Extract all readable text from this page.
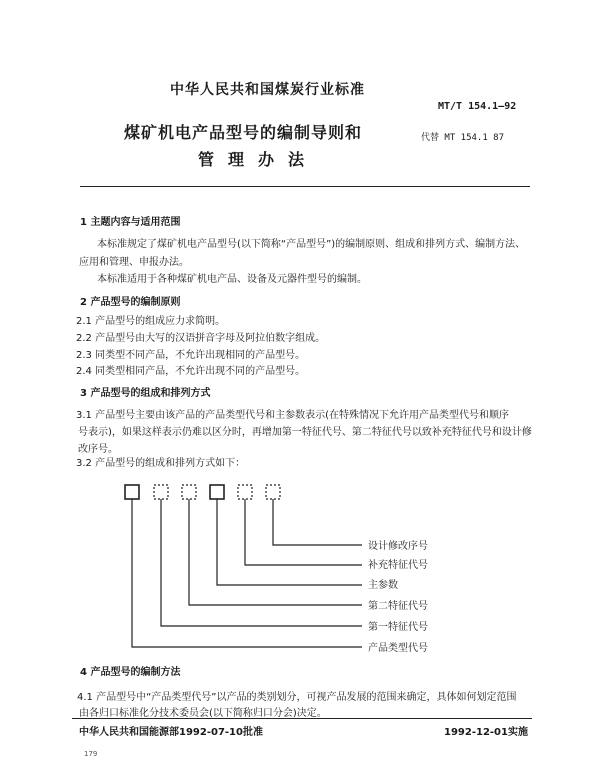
中华人民共和国煤炭行业标准
MT/T 154.1—92
煤矿机电产品型号的编制导则和	代替 MT 154.1 87
管理办法
1 主题内容与适用范围
本标准规定了煤矿机电产品型号(以下简称“产品型号”)的编制原则、组成和排列方式、编制方法、
应用和管理、申报办法。
本标准适用于各种煤矿机电产品、设备及元器件型号的编制。
2 产品型号的编制原则
2.1 产品型号的组成应力求简明。
2.2 产品型号由大写的汉语拼音字母及阿拉伯数字组成。
2.3 同类型不同产品，不允许出现相同的产品型号。
2.4 同类型相同产品，不允许出现不同的产品型号。
3 产品型号的组成和排列方式
3.1 产品型号主要由该产品的产品类型代号和主参数表示(在特殊情况下允许用产品类型代号和顺序
号表示)，如果这样表示仍难以区分时，再增加第一特征代号、第二特征代号以致补充特征代号和设计修
改序号。
3.2 产品型号的组成和排列方式如下：
设计修改序号
补充特征代号
主参数
第二特征代号
第一特征代号
产品类型代号
4 产品型号的编制方法
4.1 产品型号中“产品类型代号”以产品的类别划分，可视产品发展的范围来确定，具体如何划定范围
由各归口标准化分技术委员会(以下简称归口分会)决定。
中华人民共和国能源部1992-07-10批准	1992-12-01实施
179
